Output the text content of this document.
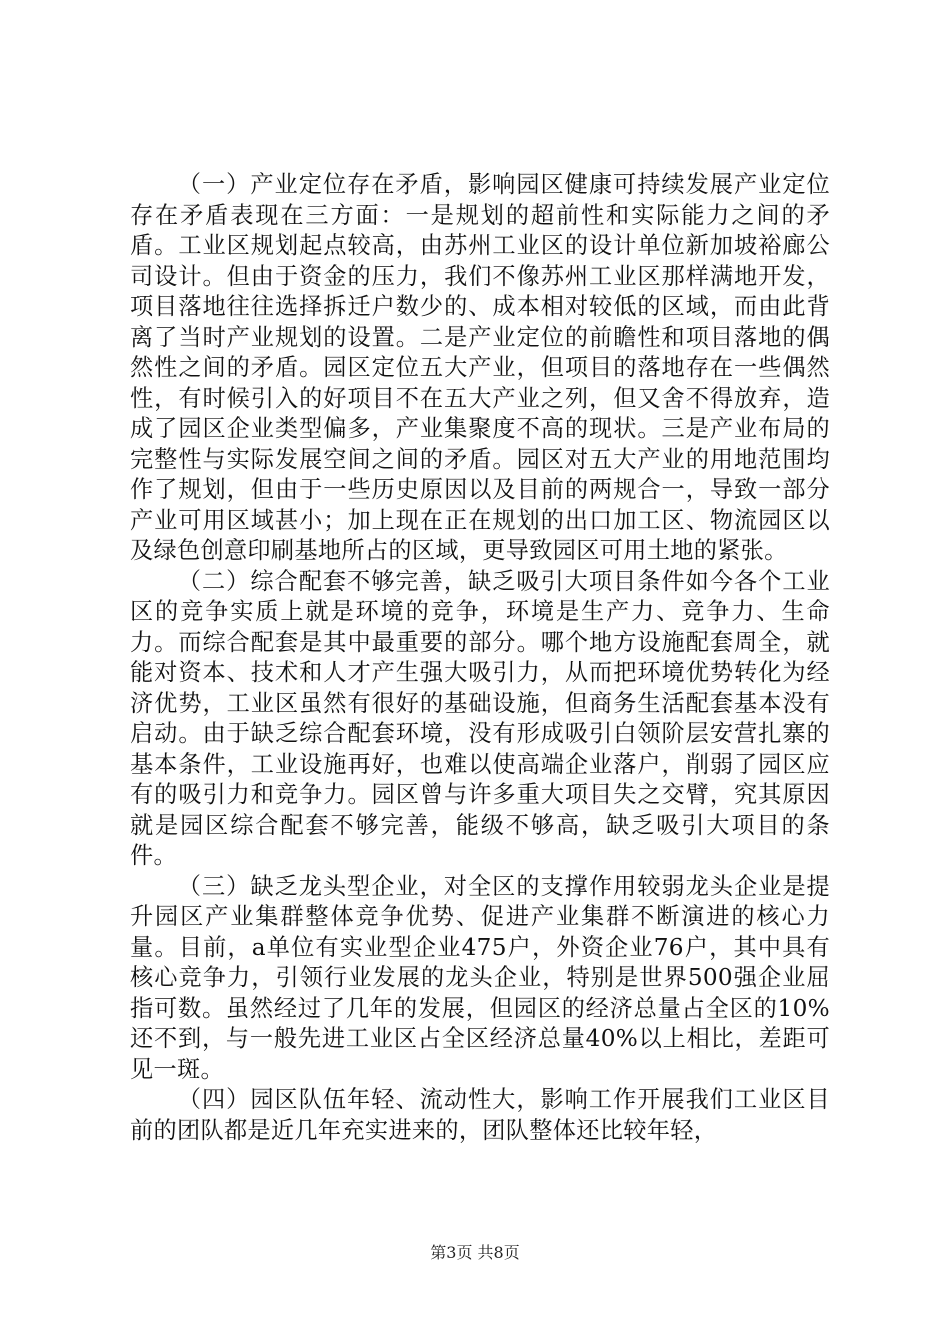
（一）产业定位存在矛盾，影响园区健康可持续发展产业定位存在矛盾表现在三方面：一是规划的超前性和实际能力之间的矛盾。工业区规划起点较高，由苏州工业区的设计单位新加坡裕廊公司设计。但由于资金的压力，我们不像苏州工业区那样满地开发，项目落地往往选择拆迁户数少的、成本相对较低的区域，而由此背离了当时产业规划的设置。二是产业定位的前瞻性和项目落地的偶然性之间的矛盾。园区定位五大产业，但项目的落地存在一些偶然性，有时候引入的好项目不在五大产业之列，但又舍不得放弃，造成了园区企业类型偏多，产业集聚度不高的现状。三是产业布局的完整性与实际发展空间之间的矛盾。园区对五大产业的用地范围均作了规划，但由于一些历史原因以及目前的两规合一，导致一部分产业可用区域甚小；加上现在正在规划的出口加工区、物流园区以及绿色创意印刷基地所占的区域，更导致园区可用土地的紧张。

（二）综合配套不够完善，缺乏吸引大项目条件如今各个工业区的竞争实质上就是环境的竞争，环境是生产力、竞争力、生命力。而综合配套是其中最重要的部分。哪个地方设施配套周全，就能对资本、技术和人才产生强大吸引力，从而把环境优势转化为经济优势，工业区虽然有很好的基础设施，但商务生活配套基本没有启动。由于缺乏综合配套环境，没有形成吸引白领阶层安营扎寨的基本条件，工业设施再好，也难以使高端企业落户，削弱了园区应有的吸引力和竞争力。园区曾与许多重大项目失之交臂，究其原因就是园区综合配套不够完善，能级不够高，缺乏吸引大项目的条件。

（三）缺乏龙头型企业，对全区的支撑作用较弱龙头企业是提升园区产业集群整体竞争优势、促进产业集群不断演进的核心力量。目前，a单位有实业型企业475户，外资企业76户，其中具有核心竞争力，引领行业发展的龙头企业，特别是世界500强企业屈指可数。虽然经过了几年的发展，但园区的经济总量占全区的10%还不到，与一般先进工业区占全区经济总量40%以上相比，差距可见一斑。

（四）园区队伍年轻、流动性大，影响工作开展我们工业区目前的团队都是近几年充实进来的，团队整体还比较年轻，

第3页 共8页
